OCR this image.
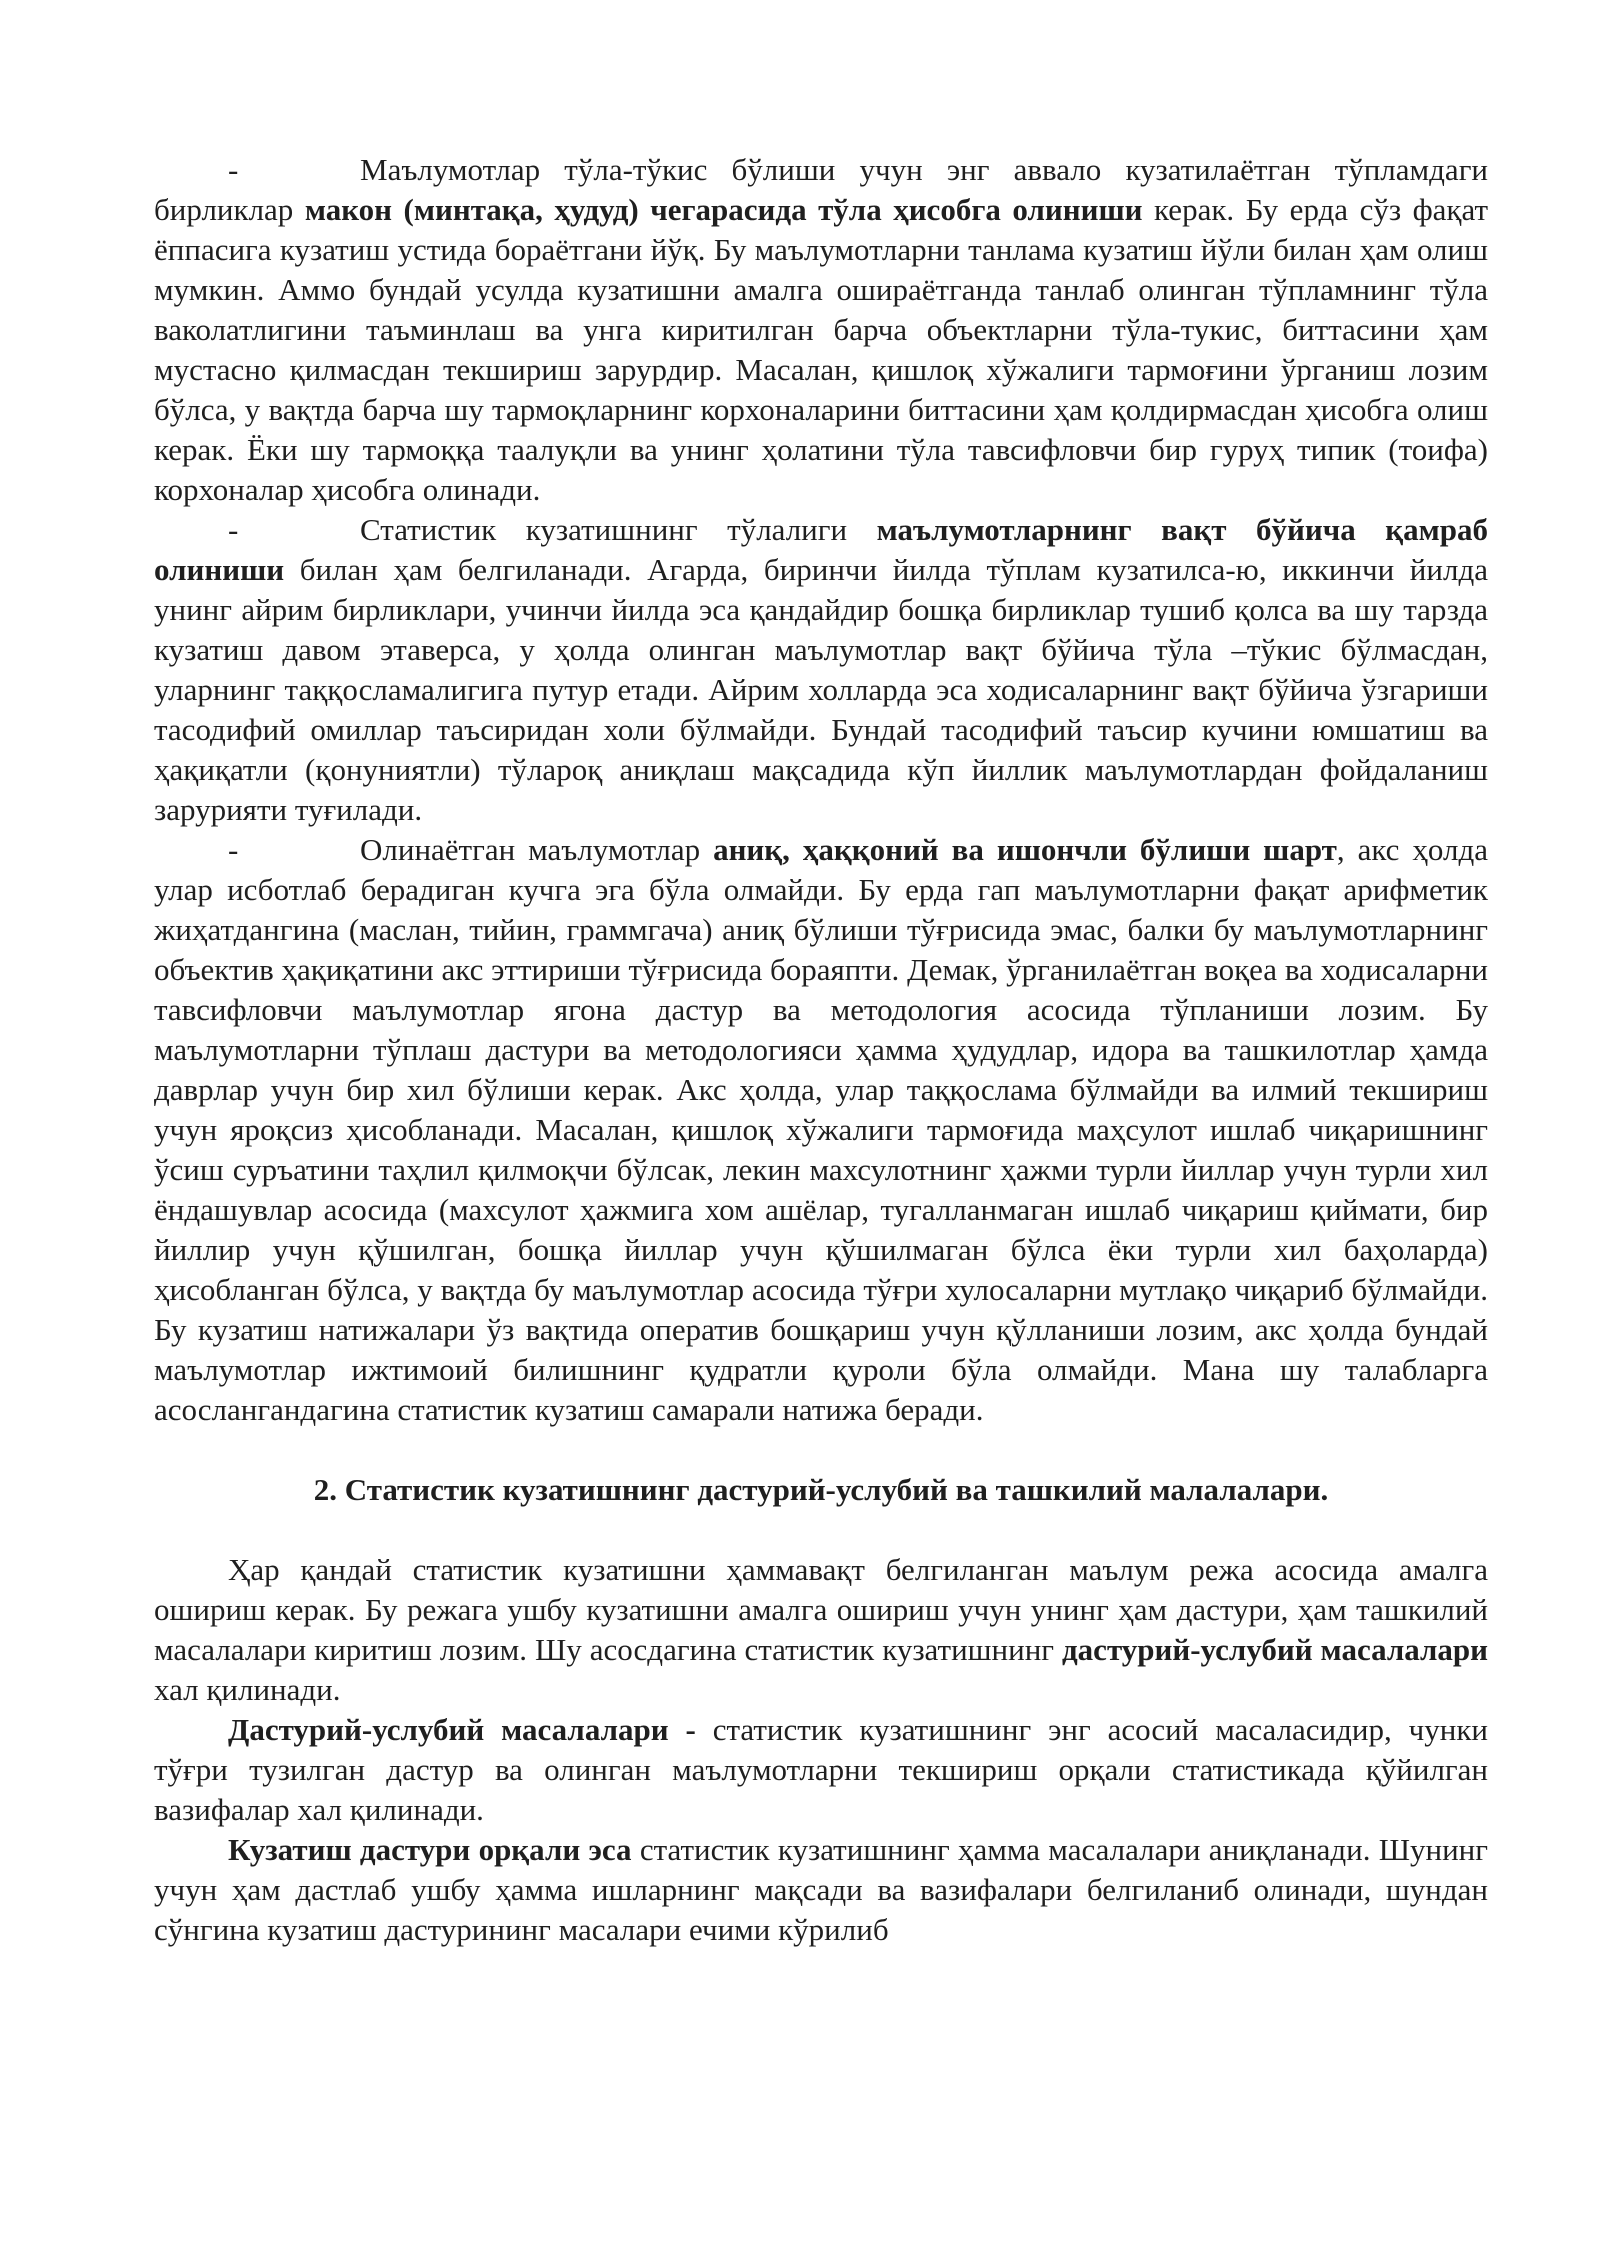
-	Маълумотлар тўла-тўкис бўлиши учун энг аввало кузатилаётган тўпламдаги бирликлар макон (минтақа, ҳудуд) чегарасида тўла ҳисобга олиниши керак. Бу ерда сўз фақат ёппасига кузатиш устида бораётгани йўқ. Бу маълумотларни танлама кузатиш йўли билан ҳам олиш мумкин. Аммо бундай усулда кузатишни амалга ошираётганда танлаб олинган тўпламнинг тўла ваколатлигини таъминлаш ва унга киритилган барча объектларни тўла-тукис, биттасини ҳам мустасно қилмасдан текшириш зарурдир. Масалан, қишлоқ хўжалиги тармоғини ўрганиш лозим бўлса, у вақтда барча шу тармоқларнинг корхоналарини биттасини ҳам қолдирмасдан ҳисобга олиш керак. Ёки шу тармоққа таалуқли ва унинг ҳолатини тўла тавсифловчи бир гуруҳ типик (тоифа) корхоналар ҳисобга олинади.

-	Статистик кузатишнинг тўлалиги маълумотларнинг вақт бўйича қамраб олиниши билан ҳам белгиланади. Агарда, биринчи йилда тўплам кузатилса-ю, иккинчи йилда унинг айрим бирликлари, учинчи йилда эса қандайдир бошқа бирликлар тушиб қолса ва шу тарзда кузатиш давом этаверса, у ҳолда олинган маълумотлар вақт бўйича тўла –тўкис бўлмасдан, уларнинг таққосламалигига путур етади. Айрим холларда эса ходисаларнинг вақт бўйича ўзгариши тасодифий омиллар таъсиридан холи бўлмайди. Бундай тасодифий таъсир кучини юмшатиш ва ҳақиқатли (қонуниятли) тўлароқ аниқлаш мақсадида кўп йиллик маълумотлардан фойдаланиш зарурияти туғилади.

-	Олинаётган маълумотлар аниқ, ҳаққоний ва ишончли бўлиши шарт, акс ҳолда улар исботлаб берадиган кучга эга бўла олмайди. Бу ерда гап маълумотларни фақат арифметик жиҳатдангина (маслан, тийин, граммгача) аниқ бўлиши тўғрисида эмас, балки бу маълумотларнинг объектив ҳақиқатини акс эттириши тўғрисида бораяпти. Демак, ўрганилаётган воқеа ва ходисаларни тавсифловчи маълумотлар ягона дастур ва методология асосида тўпланиши лозим. Бу маълумотларни тўплаш дастури ва методологияси ҳамма ҳудудлар, идора ва ташкилотлар ҳамда даврлар учун бир хил бўлиши керак. Акс ҳолда, улар таққослама бўлмайди ва илмий текшириш учун яроқсиз ҳисобланади. Масалан, қишлоқ хўжалиги тармоғида маҳсулот ишлаб чиқаришнинг ўсиш суръатини таҳлил қилмоқчи бўлсак, лекин махсулотнинг ҳажми турли йиллар учун турли хил ёндашувлар асосида (махсулот ҳажмига хом ашёлар, тугалланмаган ишлаб чиқариш қиймати, бир йиллир учун қўшилган, бошқа йиллар учун қўшилмаган бўлса ёки турли хил баҳоларда) ҳисобланган бўлса, у вақтда бу маълумотлар асосида тўғри хулосаларни мутлақо чиқариб бўлмайди. Бу кузатиш натижалари ўз вақтида оператив бошқариш учун қўлланиши лозим, акс ҳолда бундай маълумотлар ижтимоий билишнинг қудратли қуроли бўла олмайди. Мана шу талабларга асослангандагина статистик кузатиш самарали натижа беради.

2. Статистик кузатишнинг дастурий-услубий ва ташкилий малалалари.

Ҳар қандай статистик кузатишни ҳаммавақт белгиланган маълум режа асосида амалга ошириш керак. Бу режага ушбу кузатишни амалга ошириш учун унинг ҳам дастури, ҳам ташкилий масалалари киритиш лозим. Шу асосдагина статистик кузатишнинг дастурий-услубий масалалари хал қилинади.

Дастурий-услубий масалалари - статистик кузатишнинг энг асосий масаласидир, чунки тўғри тузилган дастур ва олинган маълумотларни текшириш орқали статистикада қўйилган вазифалар хал қилинади.

Кузатиш дастури орқали эса статистик кузатишнинг ҳамма масалалари аниқланади. Шунинг учун ҳам дастлаб ушбу ҳамма ишларнинг мақсади ва вазифалари белгиланиб олинади, шундан сўнгина кузатиш дастурининг масалари ечими кўрилиб
